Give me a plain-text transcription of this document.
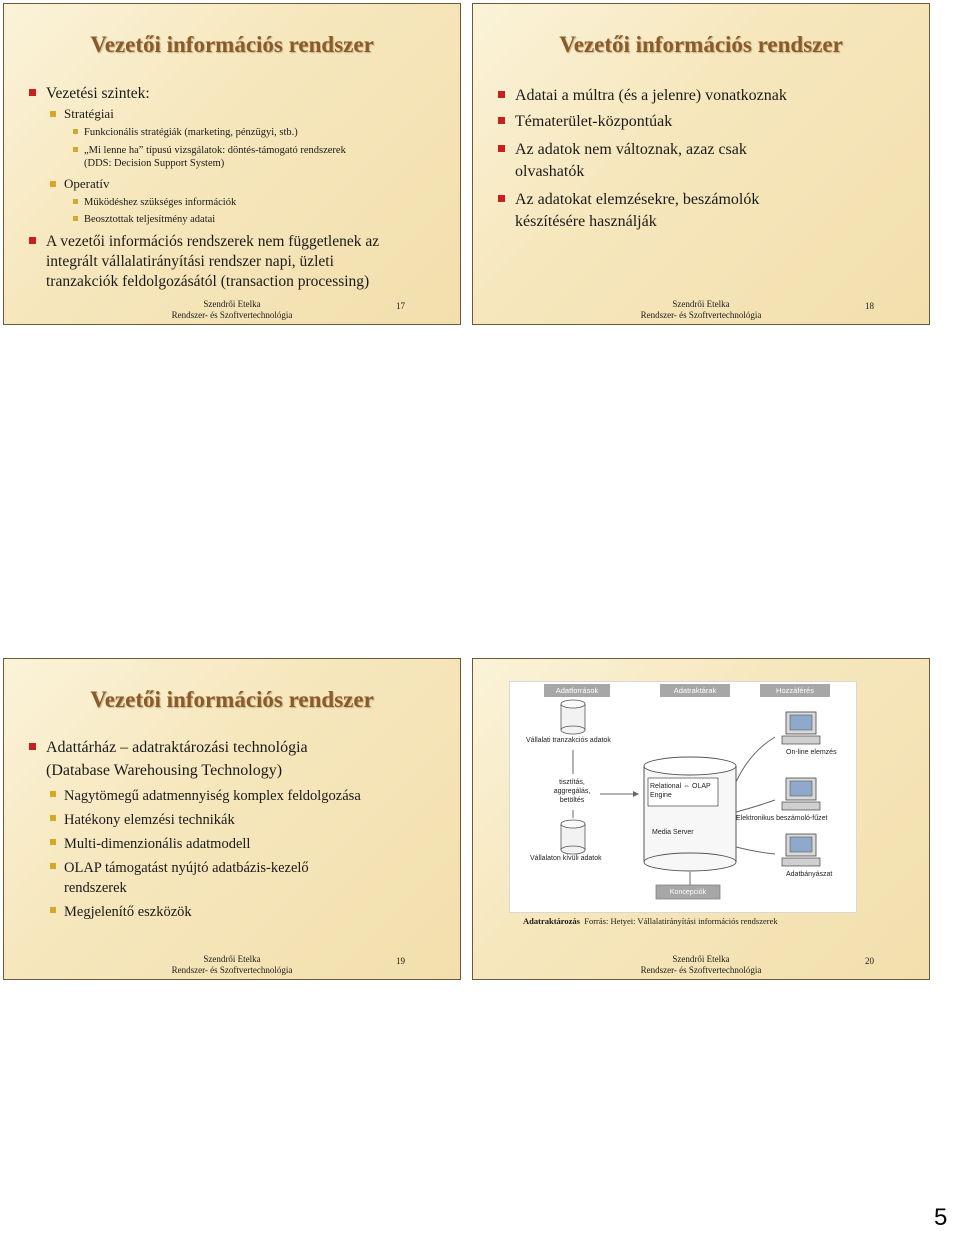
Vezetői információs rendszer
Vezetési szintek:
Stratégiai
Funkcionális stratégiák (marketing, pénzügyi, stb.)
„Mi lenne ha” típusú vizsgálatok: döntés-támogató rendszerek
(DDS: Decision Support System)
Operatív
Működéshez szükséges információk
Beosztottak teljesítmény adatai
A vezetői információs rendszerek nem függetlenek az
integrált vállalatirányítási rendszer napi, üzleti
tranzakciók feldolgozásától (transaction processing)
Szendrői Etelka
Rendszer- és Szoftvertechnológia
17
Vezetői információs rendszer
Adatai a múltra (és a jelenre) vonatkoznak
Tématerület-központúak
Az adatok nem változnak, azaz csak
olvashatók
Az adatokat elemzésekre, beszámolók
készítésére használják
Szendrői Etelka
Rendszer- és Szoftvertechnológia
18
Vezetői információs rendszer
Adattárház – adatraktározási technológia
(Database Warehousing Technology)
Nagytömegű adatmennyiség komplex feldolgozása
Hatékony elemzési technikák
Multi-dimenzionális adatmodell
OLAP támogatást nyújtó adatbázis-kezelő
rendszerek
Megjelenítő eszközök
Szendrői Etelka
Rendszer- és Szoftvertechnológia
19
Adatforrások	Adatraktárak	Hozzáférés
Vállalati tranzakciós adatok
Vállalaton kívüli adatok
tisztítás,
aggregálás,
betöltés
Relational ⇔ OLAP
Engine
Media Server
On-line elemzés
Elektronikus beszámoló-fűzet
Adatbányászat
Koncepciók
Adatraktározás Forrás: Hetyei: Vállalatirányítási információs rendszerek
Szendrői Etelka
Rendszer- és Szoftvertechnológia
20
5
